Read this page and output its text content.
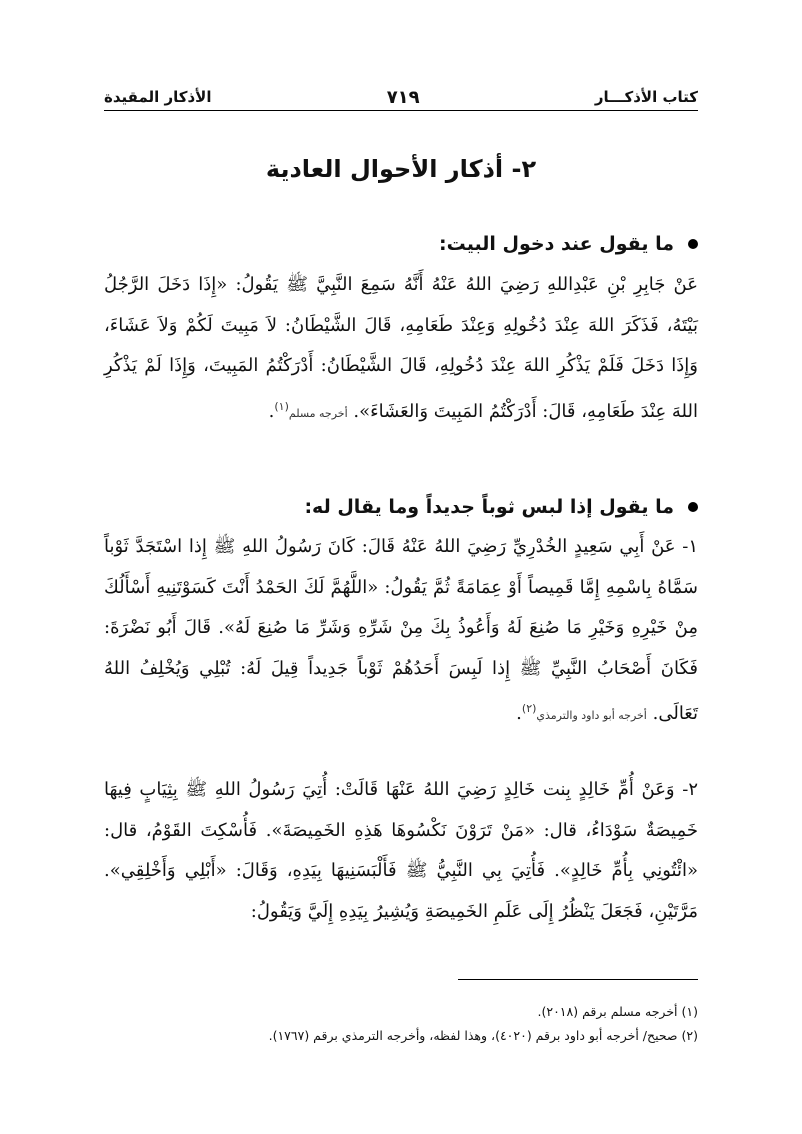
كتاب الأذكـــار
٧١٩
الأذكار المقيدة
٢- أذكار الأحوال العادية
ما يقول عند دخول البيت:
عَنْ جَابِرِ بْنِ عَبْدِاللهِ رَضِيَ اللهُ عَنْهُ أَنَّهُ سَمِعَ النَّبِيَّ ﷺ يَقُولُ: «إِذَا دَخَلَ الرَّجُلُ بَيْتَهُ، فَذَكَرَ اللهَ عِنْدَ دُخُولِهِ وَعِنْدَ طَعَامِهِ، قَالَ الشَّيْطَانُ: لاَ مَبِيتَ لَكُمْ وَلاَ عَشَاءَ، وَإِذَا دَخَلَ فَلَمْ يَذْكُرِ اللهَ عِنْدَ دُخُولِهِ، قَالَ الشَّيْطَانُ: أَدْرَكْتُمُ المَبِيتَ، وَإِذَا لَمْ يَذْكُرِ اللهَ عِنْدَ طَعَامِهِ، قَالَ: أَدْرَكْتُمُ المَبِيتَ وَالعَشَاءَ». أخرجه مسلم$^{(١)}$.
ما يقول إذا لبس ثوباً جديداً وما يقال له:
١- عَنْ أَبِي سَعِيدٍ الخُدْرِيِّ رَضِيَ اللهُ عَنْهُ قَالَ: كَانَ رَسُولُ اللهِ ﷺ إِذا اسْتَجَدَّ ثَوْباً سَمَّاهُ بِاسْمِهِ إِمَّا قَمِيصاً أَوْ عِمَامَةً ثُمَّ يَقُولُ: «اللَّهُمَّ لَكَ الحَمْدُ أَنْتَ كَسَوْتَنِيهِ أَسْأَلُكَ مِنْ خَيْرِهِ وَخَيْرِ مَا صُنِعَ لَهُ وَأَعُوذُ بِكَ مِنْ شَرِّهِ وَشَرِّ مَا صُنِعَ لَهُ». قَالَ أَبُو نَضْرَةَ: فَكَانَ أَصْحَابُ النَّبِيِّ ﷺ إِذا لَبِسَ أَحَدُهُمْ ثَوْباً جَدِيداً قِيلَ لَهُ: تُبْلِي وَيُخْلِفُ اللهُ تَعَالَى. أخرجه أبو داود والترمذي$^{(٢)}$.
٢- وَعَنْ أُمِّ خَالِدٍ بِنت خَالِدٍ رَضِيَ اللهُ عَنْهَا قَالَتْ: أُتِيَ رَسُولُ اللهِ ﷺ بِثِيَابٍ فِيهَا خَمِيصَةٌ سَوْدَاءُ، قال: «مَنْ تَرَوْنَ نَكْسُوهَا هَذِهِ الخَمِيصَةَ». فَأُسْكِتَ القَوْمُ، قال: «ائْتُونِي بِأُمِّ خَالِدٍ». فَأُتِيَ بِي النَّبِيُّ ﷺ فَأَلْبَسَنِيهَا بِيَدِهِ، وَقَالَ: «أَبْلِي وَأَخْلِقِي». مَرَّتَيْنِ، فَجَعَلَ يَنْظُرُ إِلَى عَلَمِ الخَمِيصَةِ وَيُشِيرُ بِيَدِهِ إِلَيَّ وَيَقُولُ:
(١) أخرجه مسلم برقم (٢٠١٨).
(٢) صحيح/ أخرجه أبو داود برقم (٤٠٢٠)، وهذا لفظه، وأخرجه الترمذي برقم (١٧٦٧).
